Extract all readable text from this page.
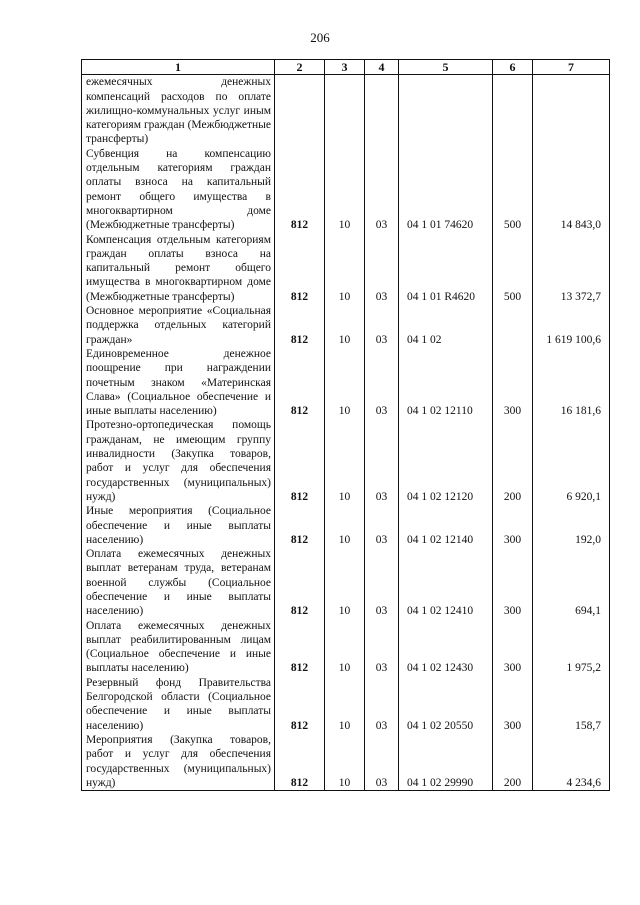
206
1	2	3	4	5	6	7
ежемесячных денежных компенсаций расходов по оплате жилищно-коммунальных услуг иным категориям граждан (Межбюджетные трансферты)						
Субвенция на компенсацию отдельным категориям граждан оплаты взноса на капитальный ремонт общего имущества в многоквартирном доме (Межбюджетные трансферты)	812	10	03	04 1 01 74620	500	14 843,0
Компенсация отдельным категориям граждан оплаты взноса на капитальный ремонт общего имущества в многоквартирном доме (Межбюджетные трансферты)	812	10	03	04 1 01 R4620	500	13 372,7
Основное мероприятие «Социальная поддержка отдельных категорий граждан»	812	10	03	04 1 02		1 619 100,6
Единовременное денежное поощрение при награждении почетным знаком «Материнская Слава» (Социальное обеспечение и иные выплаты населению)	812	10	03	04 1 02 12110	300	16 181,6
Протезно-ортопедическая помощь гражданам, не имеющим группу инвалидности (Закупка товаров, работ и услуг для обеспечения государственных (муниципальных) нужд)	812	10	03	04 1 02 12120	200	6 920,1
Иные мероприятия (Социальное обеспечение и иные выплаты населению)	812	10	03	04 1 02 12140	300	192,0
Оплата ежемесячных денежных выплат ветеранам труда, ветеранам военной службы (Социальное обеспечение и иные выплаты населению)	812	10	03	04 1 02 12410	300	694,1
Оплата ежемесячных денежных выплат реабилитированным лицам (Социальное обеспечение и иные выплаты населению)	812	10	03	04 1 02 12430	300	1 975,2
Резервный фонд Правительства Белгородской области (Социальное обеспечение и иные выплаты населению)	812	10	03	04 1 02 20550	300	158,7
Мероприятия (Закупка товаров, работ и услуг для обеспечения государственных (муниципальных) нужд)	812	10	03	04 1 02 29990	200	4 234,6
